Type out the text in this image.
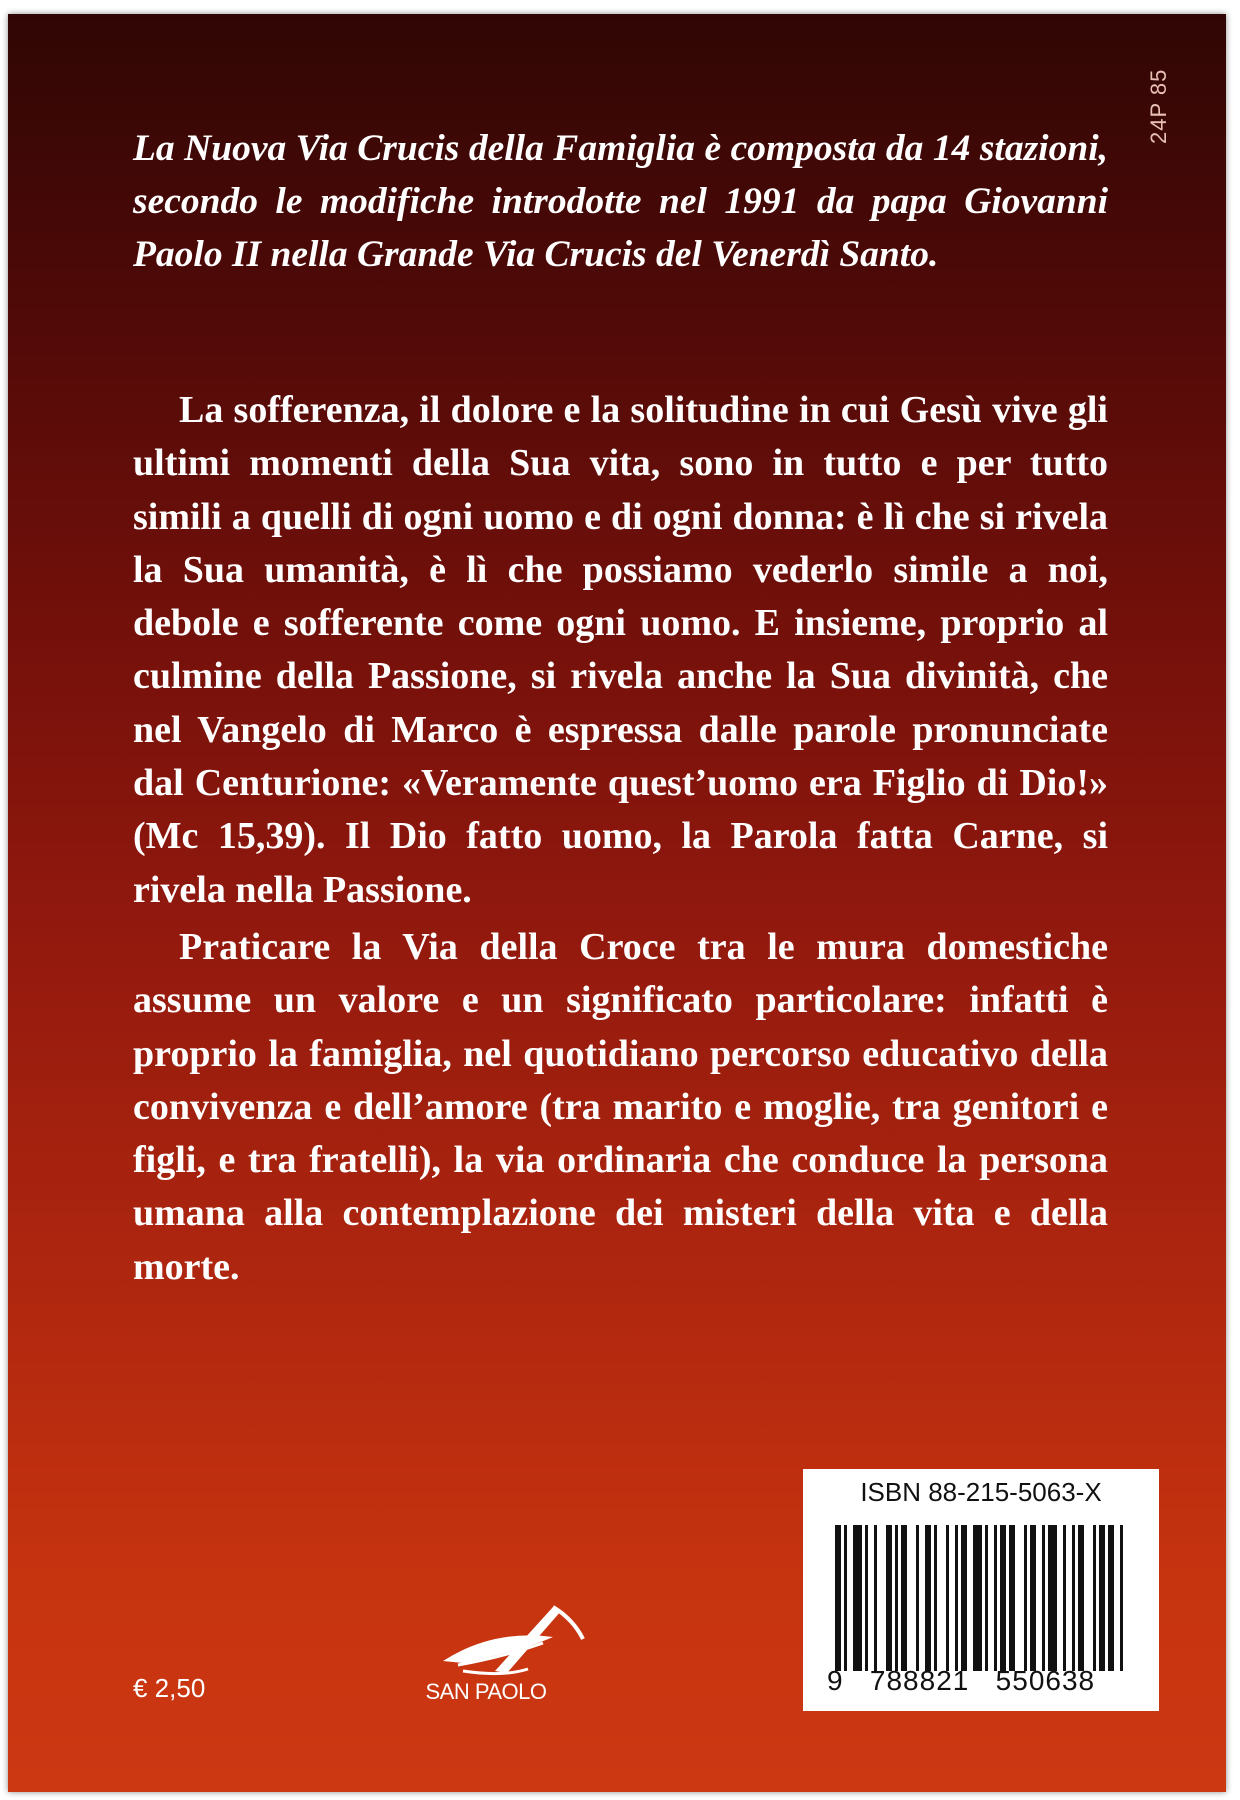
24P 85

La Nuova Via Crucis della Famiglia è composta da 14 stazioni, secondo le modifiche introdotte nel 1991 da papa Giovanni Paolo II nella Grande Via Crucis del Venerdì Santo.

La sofferenza, il dolore e la solitudine in cui Gesù vive gli ultimi momenti della Sua vita, sono in tutto e per tutto simili a quelli di ogni uomo e di ogni donna: è lì che si rivela la Sua umanità, è lì che possiamo vederlo simile a noi, debole e sofferente come ogni uomo. E insieme, proprio al culmine della Passione, si rivela anche la Sua divinità, che nel Vangelo di Marco è espressa dalle parole pronunciate dal Centurione: «Veramente quest’uomo era Figlio di Dio!» (Mc 15,39). Il Dio fatto uomo, la Parola fatta Carne, si rivela nella Passione.

Praticare la Via della Croce tra le mura domestiche assume un valore e un significato particolare: infatti è proprio la famiglia, nel quotidiano percorso educativo della convivenza e dell’amore (tra marito e moglie, tra genitori e figli, e tra fratelli), la via ordinaria che conduce la persona umana alla contemplazione dei misteri della vita e della morte.

€ 2,50	SAN PAOLO
ISBN 88-215-5063-X
9   788821   550638
